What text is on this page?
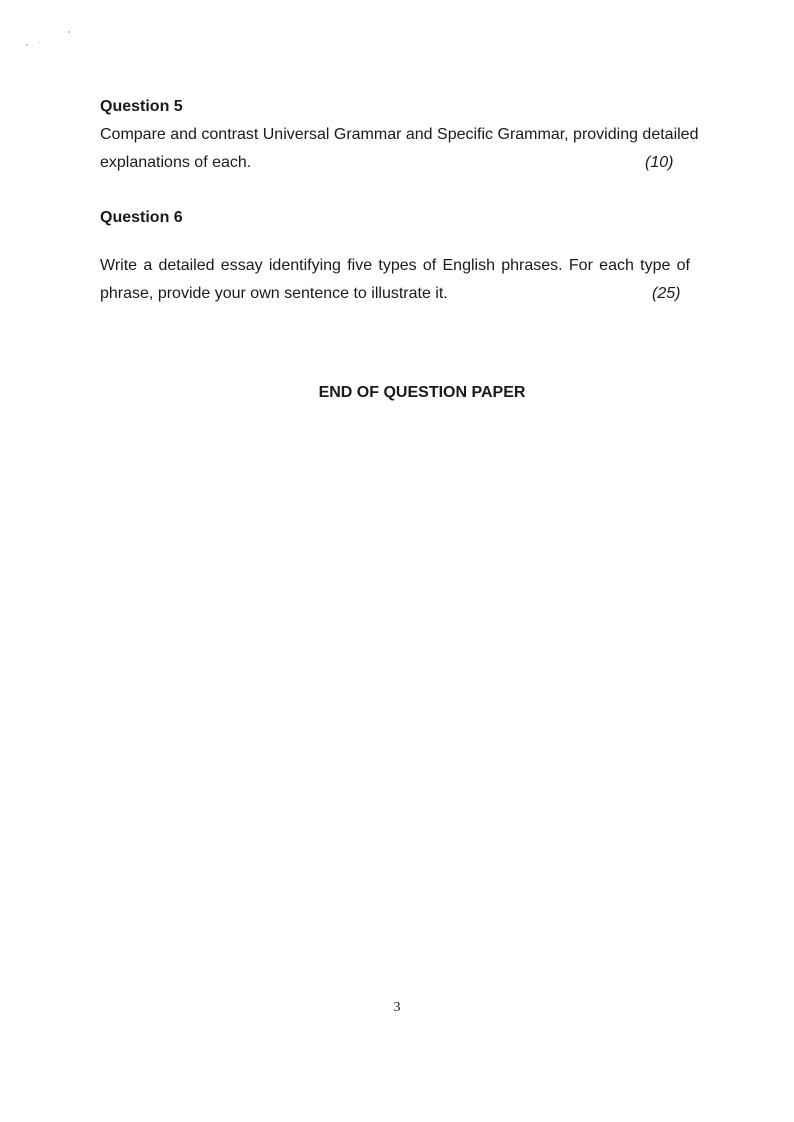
Question 5
Compare and contrast Universal Grammar and Specific Grammar, providing detailed
explanations of each.	(10)
Question 6
Write a detailed essay identifying five types of English phrases. For each type of
phrase, provide your own sentence to illustrate it.	(25)
END OF QUESTION PAPER
3
